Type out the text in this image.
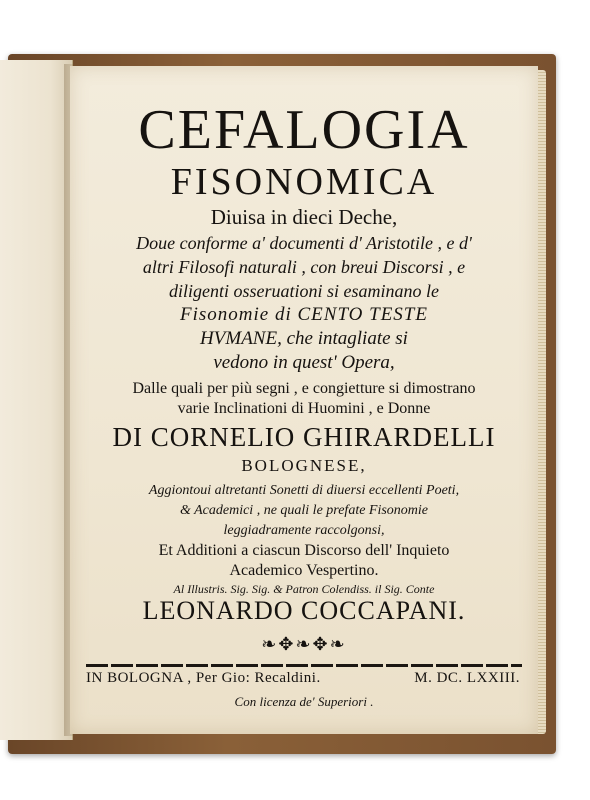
CEFALOGIA
FISONOMICA
Diuisa in dieci Deche,
Doue conforme a' documenti d' Aristotile , e d'
altri Filosofi naturali , con breui Discorsi , e
diligenti osseruationi si esaminano le
Fisonomie di CENTO TESTE
HVMANE, che intagliate si
vedono in quest' Opera,
Dalle quali per più segni , e congietture si dimostrano
varie Inclinationi di Huomini , e Donne
DI CORNELIO GHIRARDELLI
BOLOGNESE,
Aggiontoui altretanti Sonetti di diuersi eccellenti Poeti,
& Academici , ne quali le prefate Fisonomie
leggiadramente raccolgonsi,
Et Additioni a ciascun Discorso dell' Inquieto
Academico Vespertino.
Al Illustris. Sig. Sig. & Patron Colendiss. il Sig. Conte
LEONARDO COCCAPANI.
❧✥❧✥❧
IN BOLOGNA , Per Gio: Recaldini.	M. DC. LXXIII.
Con licenza de' Superiori .
